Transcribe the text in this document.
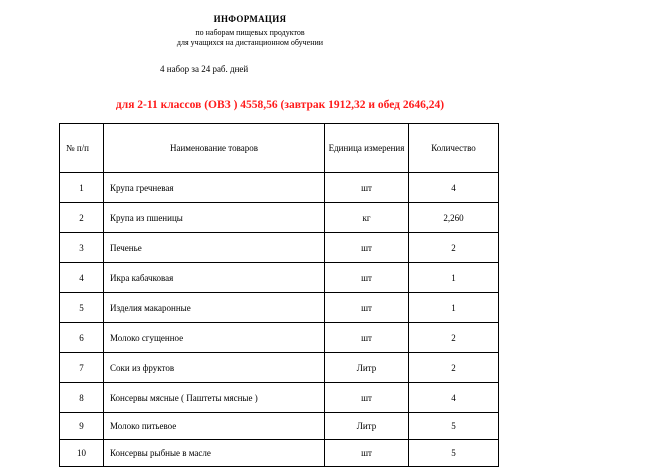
ИНФОРМАЦИЯ
по наборам пищевых продуктов
для учащихся на дистанционном обучении
4 набор за 24 раб. дней
для 2-11 классов (ОВЗ ) 4558,56 (завтрак 1912,32 и обед 2646,24)
№ п/п	Наименование товаров	Единица измерения	Количество
1	Крупа гречневая	шт	4
2	Крупа из пшеницы	кг	2,260
3	Печенье	шт	2
4	Икра кабачковая	шт	1
5	Изделия макаронные	шт	1
6	Молоко сгущенное	шт	2
7	Соки из фруктов	Литр	2
8	Консервы мясные ( Паштеты мясные )	шт	4
9	Молоко питьевое	Литр	5
10	Консервы рыбные в масле	шт	5
